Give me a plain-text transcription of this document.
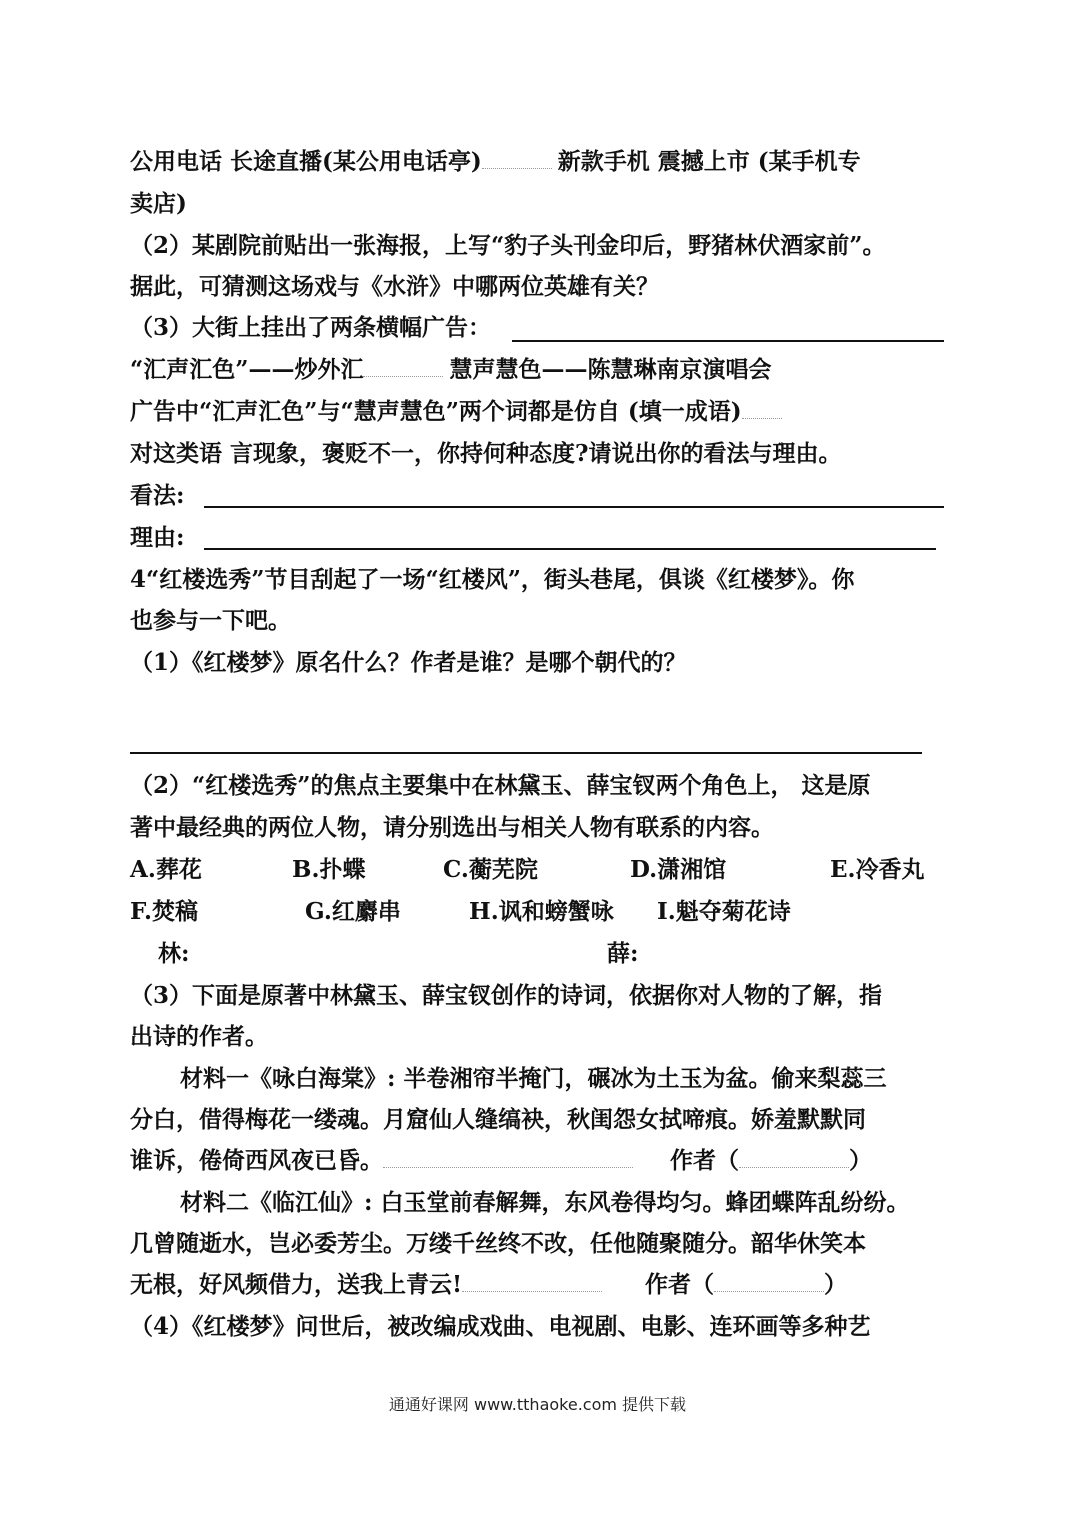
公用电话 长途直播(某公用电话亭)	新款手机 震撼上市 (某手机专
卖店)
（2）某剧院前贴出一张海报，上写“豹子头刊金印后，野猪林伏酒家前”。
据此，可猜测这场戏与《水浒》中哪两位英雄有关？
（3）大街上挂出了两条横幅广告：
“汇声汇色”——炒外汇	慧声慧色——陈慧琳南京演唱会
广告中“汇声汇色”与“慧声慧色”两个词都是仿自 (填一成语)
对这类语 言现象，褒贬不一，你持何种态度?请说出你的看法与理由。
看法:
理由:
4“红楼选秀”节目刮起了一场“红楼风”，街头巷尾，俱谈《红楼梦》。你
也参与一下吧。
（1）《红楼梦》原名什么？作者是谁？是哪个朝代的？
（2）“红楼选秀”的焦点主要集中在林黛玉、薛宝钗两个角色上， 这是原
著中最经典的两位人物，请分别选出与相关人物有联系的内容。
A.葬花	B.扑蝶	C.蘅芜院	D.潇湘馆	E.冷香丸
F.焚稿	G.红麝串	H.讽和螃蟹咏 I.魁夺菊花诗
林:	薛:
（3）下面是原著中林黛玉、薛宝钗创作的诗词，依据你对人物的了解，指
出诗的作者。
材料一《咏白海棠》: 半卷湘帘半掩门，碾冰为土玉为盆。偷来梨蕊三
分白，借得梅花一缕魂。月窟仙人缝缟袂，秋闺怨女拭啼痕。娇羞默默同
谁诉，倦倚西风夜已昏。	作者（	）
材料二《临江仙》: 白玉堂前春解舞，东风卷得均匀。蜂团蝶阵乱纷纷。
几曾随逝水，岂必委芳尘。万缕千丝终不改，任他随聚随分。韶华休笑本
无根，好风频借力，送我上青云!	作者（	）
（4）《红楼梦》问世后，被改编成戏曲、电视剧、电影、连环画等多种艺
通通好课网 www.tthaoke.com 提供下载
